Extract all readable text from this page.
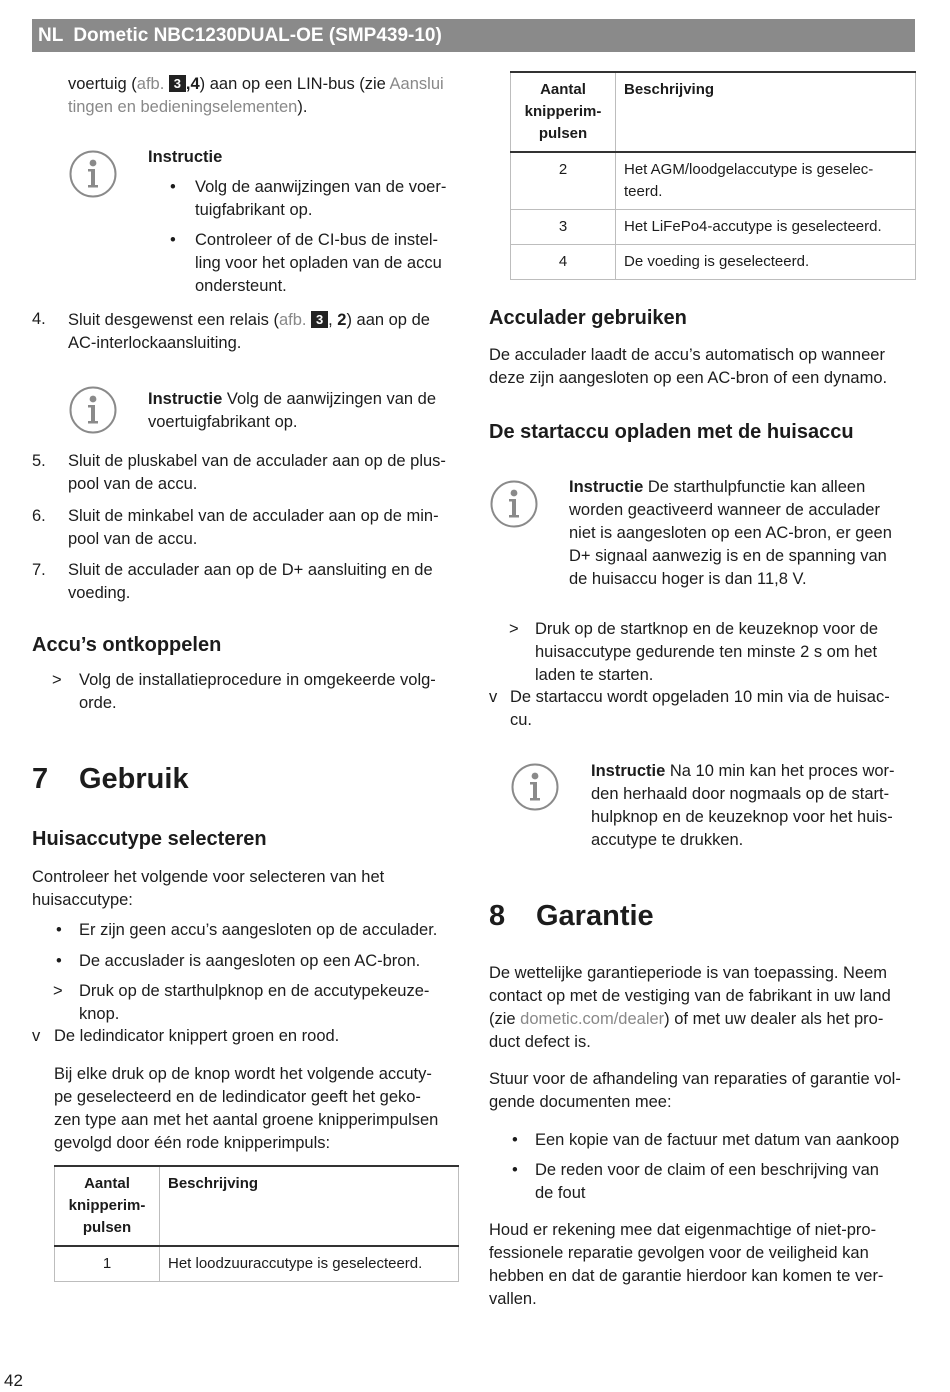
NL Dometic NBC1230DUAL-OE (SMP439-10)
voertuig (afb. 3 ,4) aan op een LIN-bus (zie Aanslui
tingen en bedieningselementen).
Instructie
• Volg de aanwijzingen van de voer-
tuigfabrikant op.
• Controleer of de CI-bus de instel-
ling voor het opladen van de accu
ondersteunt.
4. Sluit desgewenst een relais (afb. 3 , 2) aan op de
AC-interlockaansluiting.
Instructie Volg de aanwijzingen van de
voertuigfabrikant op.
5. Sluit de pluskabel van de acculader aan op de plus-
pool van de accu.
6. Sluit de minkabel van de acculader aan op de min-
pool van de accu.
7. Sluit de acculader aan op de D+ aansluiting en de
voeding.
Accu’s ontkoppelen
> Volg de installatieprocedure in omgekeerde volg-
orde.
7 Gebruik
Huisaccutype selecteren
Controleer het volgende voor selecteren van het
huisaccutype:
• Er zijn geen accu’s aangesloten op de acculader.
• De accuslader is aangesloten op een AC-bron.
> Druk op de starthulpknop en de accutypekeuze-
knop.
v De ledindicator knippert groen en rood.
Bij elke druk op de knop wordt het volgende accuty-
pe geselecteerd en de ledindicator geeft het geko-
zen type aan met het aantal groene knipperimpulsen
gevolgd door één rode knipperimpuls:
Aantal
knipperim-
pulsen	Beschrijving
1	Het loodzuuraccutype is geselecteerd.
Aantal
knipperim-
pulsen	Beschrijving
2	Het AGM/loodgelaccutype is geselec-
teerd.
3	Het LiFePo4-accutype is geselecteerd.
4	De voeding is geselecteerd.
Acculader gebruiken
De acculader laadt de accu’s automatisch op wanneer
deze zijn aangesloten op een AC-bron of een dynamo.
De startaccu opladen met de huisaccu
Instructie De starthulpfunctie kan alleen
worden geactiveerd wanneer de acculader
niet is aangesloten op een AC-bron, er geen
D+ signaal aanwezig is en de spanning van
de huisaccu hoger is dan 11,8 V.
> Druk op de startknop en de keuzeknop voor de
huisaccutype gedurende ten minste 2 s om het
laden te starten.
v De startaccu wordt opgeladen 10 min via de huisac-
cu.
Instructie Na 10 min kan het proces wor-
den herhaald door nogmaals op de start-
hulpknop en de keuzeknop voor het huis-
accutype te drukken.
8 Garantie
De wettelijke garantieperiode is van toepassing. Neem
contact op met de vestiging van de fabrikant in uw land
(zie dometic.com/dealer) of met uw dealer als het pro-
duct defect is.
Stuur voor de afhandeling van reparaties of garantie vol-
gende documenten mee:
• Een kopie van de factuur met datum van aankoop
• De reden voor de claim of een beschrijving van
de fout
Houd er rekening mee dat eigenmachtige of niet-pro-
fessionele reparatie gevolgen voor de veiligheid kan
hebben en dat de garantie hierdoor kan komen te ver-
vallen.
42
